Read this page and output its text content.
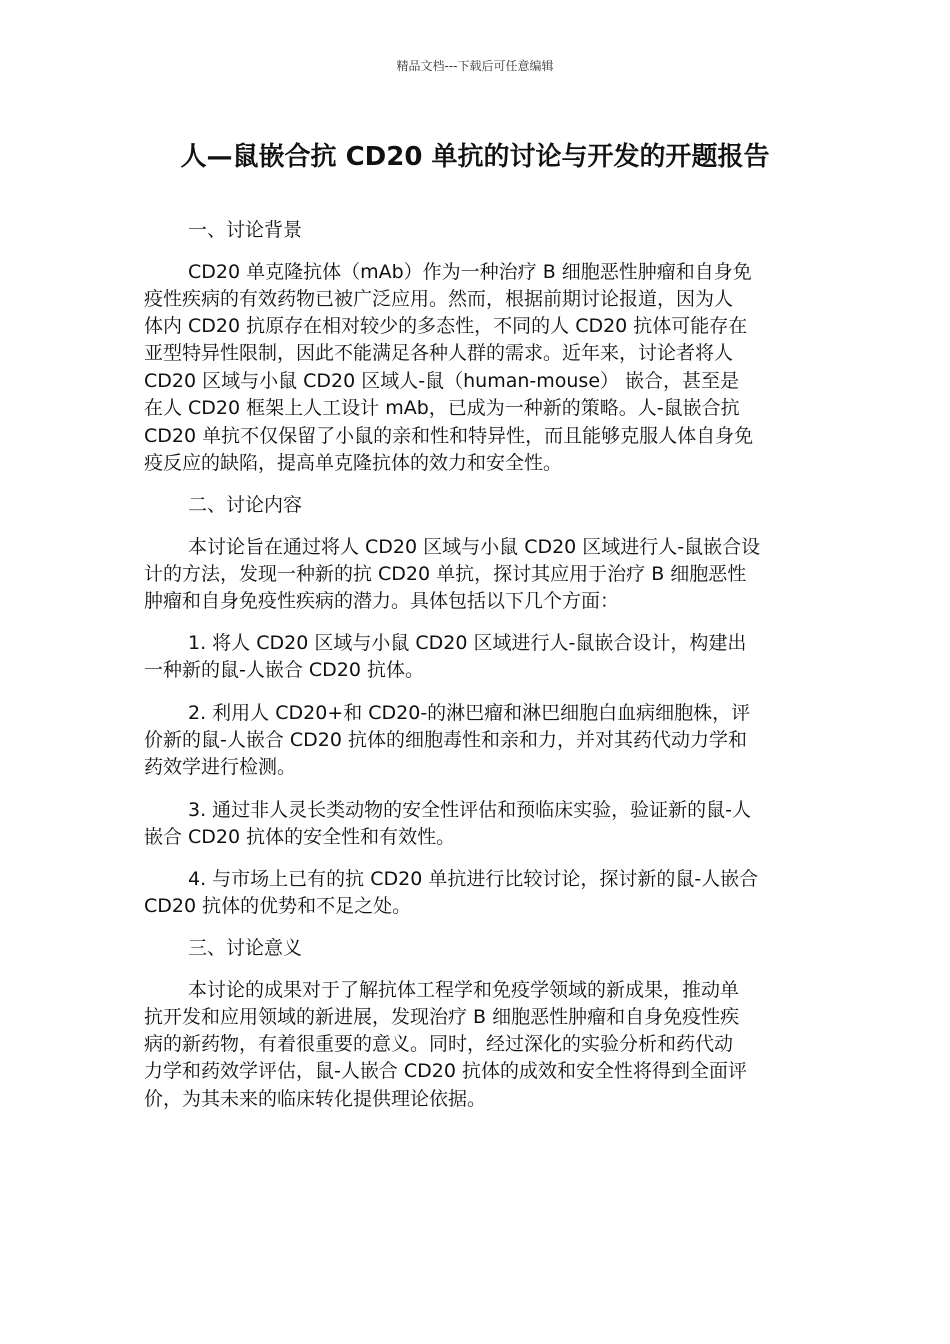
精品文档---下载后可任意编辑
人—鼠嵌合抗 CD20 单抗的讨论与开发的开题报告
一、讨论背景
CD20 单克隆抗体（mAb）作为一种治疗 B 细胞恶性肿瘤和自身免
疫性疾病的有效药物已被广泛应用。然而，根据前期讨论报道，因为人
体内 CD20 抗原存在相对较少的多态性，不同的人 CD20 抗体可能存在
亚型特异性限制，因此不能满足各种人群的需求。近年来，讨论者将人
CD20 区域与小鼠 CD20 区域人-鼠（human-mouse） 嵌合，甚至是
在人 CD20 框架上人工设计 mAb，已成为一种新的策略。人-鼠嵌合抗
CD20 单抗不仅保留了小鼠的亲和性和特异性，而且能够克服人体自身免
疫反应的缺陷，提高单克隆抗体的效力和安全性。
二、讨论内容
本讨论旨在通过将人 CD20 区域与小鼠 CD20 区域进行人-鼠嵌合设
计的方法，发现一种新的抗 CD20 单抗，探讨其应用于治疗 B 细胞恶性
肿瘤和自身免疫性疾病的潜力。具体包括以下几个方面：
1. 将人 CD20 区域与小鼠 CD20 区域进行人-鼠嵌合设计，构建出
一种新的鼠-人嵌合 CD20 抗体。
2. 利用人 CD20+和 CD20-的淋巴瘤和淋巴细胞白血病细胞株，评
价新的鼠-人嵌合 CD20 抗体的细胞毒性和亲和力，并对其药代动力学和
药效学进行检测。
3. 通过非人灵长类动物的安全性评估和预临床实验，验证新的鼠-人
嵌合 CD20 抗体的安全性和有效性。
4. 与市场上已有的抗 CD20 单抗进行比较讨论，探讨新的鼠-人嵌合
CD20 抗体的优势和不足之处。
三、讨论意义
本讨论的成果对于了解抗体工程学和免疫学领域的新成果，推动单
抗开发和应用领域的新进展，发现治疗 B 细胞恶性肿瘤和自身免疫性疾
病的新药物，有着很重要的意义。同时，经过深化的实验分析和药代动
力学和药效学评估，鼠-人嵌合 CD20 抗体的成效和安全性将得到全面评
价，为其未来的临床转化提供理论依据。
